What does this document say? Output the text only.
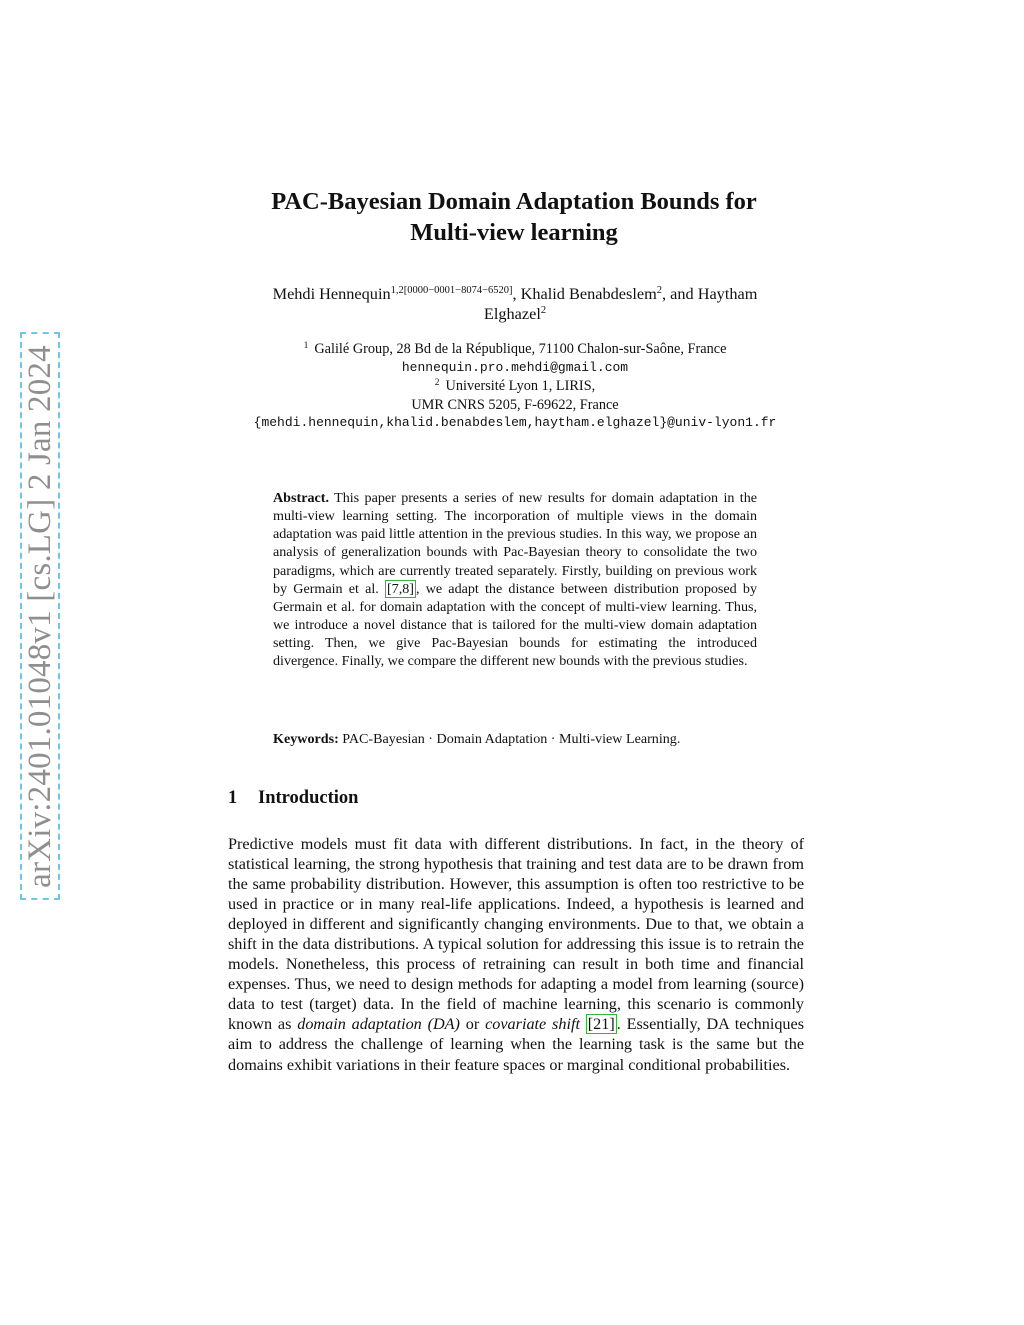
arXiv:2401.01048v1 [cs.LG] 2 Jan 2024
PAC-Bayesian Domain Adaptation Bounds for
Multi-view learning
Mehdi Hennequin$^{1,2[0000-0001-8074-6520]}$, Khalid Benabdeslem$^2$, and Haytham
Elghazel$^2$
$^1$ Galilé Group, 28 Bd de la République, 71100 Chalon-sur-Saône, France
hennequin.pro.mehdi@gmail.com
$^2$ Université Lyon 1, LIRIS,
UMR CNRS 5205, F-69622, France
{mehdi.hennequin,khalid.benabdeslem,haytham.elghazel}@univ-lyon1.fr
Abstract. This paper presents a series of new results for domain adaptation in the multi-view learning setting. The incorporation of multiple views in the domain adaptation was paid little attention in the previous studies. In this way, we propose an analysis of generalization bounds with Pac-Bayesian theory to consolidate the two paradigms, which are currently treated separately. Firstly, building on previous work by Germain et al. [7,8] , we adapt the distance between distribution proposed by Germain et al. for domain adaptation with the concept of multi-view learning. Thus, we introduce a novel distance that is tailored for the multi-view domain adaptation setting. Then, we give Pac-Bayesian bounds for estimating the introduced divergence. Finally, we compare the different new bounds with the previous studies.
Keywords: PAC-Bayesian · Domain Adaptation · Multi-view Learning.
1 Introduction
Predictive models must fit data with different distributions. In fact, in the theory of statistical learning, the strong hypothesis that training and test data are to be drawn from the same probability distribution. However, this assumption is often too restrictive to be used in practice or in many real-life applications. Indeed, a hypothesis is learned and deployed in different and significantly changing environments. Due to that, we obtain a shift in the data distributions. A typical solution for addressing this issue is to retrain the models. Nonetheless, this process of retraining can result in both time and financial expenses. Thus, we need to design methods for adapting a model from learning (source) data to test (target) data. In the field of machine learning, this scenario is commonly known as domain adaptation (DA) or covariate shift [21] . Essentially, DA techniques aim to address the challenge of learning when the learning task is the same but the domains exhibit variations in their feature spaces or marginal conditional probabilities.
